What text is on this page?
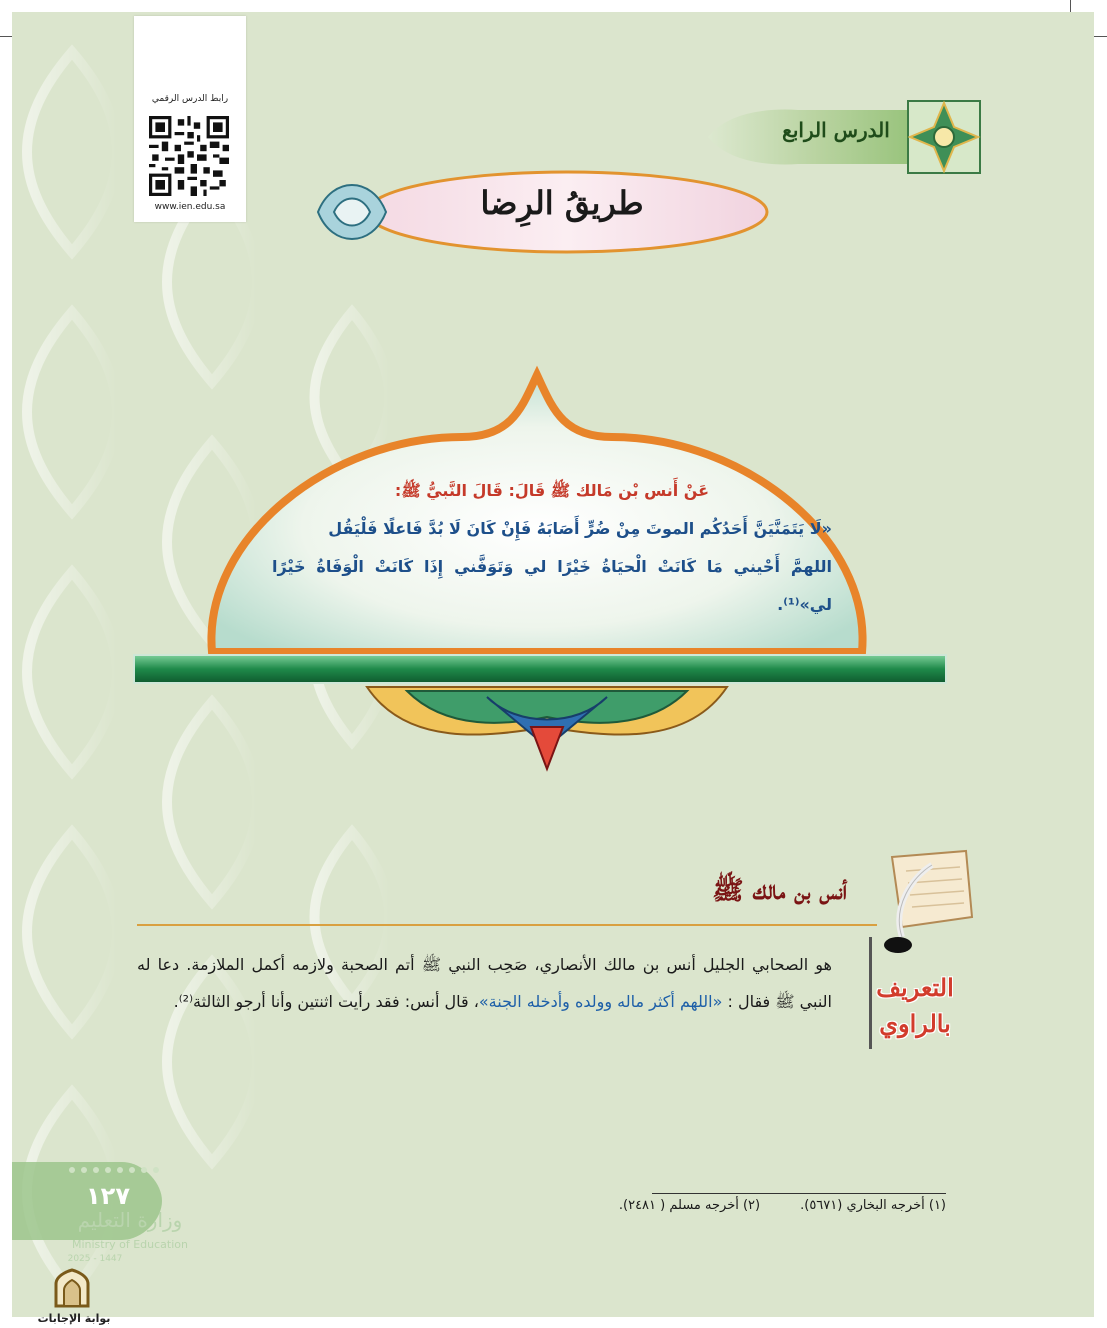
رابط الدرس الرقمي
www.ien.edu.sa
الدرس الرابع
طريقُ الرِضا
عَنْ أَنس بْن مَالك ﷺ قَالَ: قَالَ النَّبيُّ ﷺ:
«لَا يَتَمَنَّيَنَّ أَحَدُكُم الموتَ مِنْ ضُرٍّ أَصَابَهُ فَإِنْ كَانَ لَا بُدَّ فَاعلًا فَلْيَقُل
اللهمَّ أَحْيني مَا كَانَتْ الْحيَاةُ خَيْرًا لي وَتَوَفَّني إِذَا كَانَتْ الْوَفَاةُ خَيْرًا لي»⁽¹⁾.
أنس بن مالك ﷺ
التعريف
بالراوي
هو الصحابي الجليل أنس بن مالك الأنصاري، صَحِب النبي ﷺ أتم الصحبة ولازمه أكمل الملازمة. دعا له النبي ﷺ فقال : «اللهم أكثر ماله وولده وأدخله الجنة»، قال أنس: فقد رأيت اثنتين وأنا أرجو الثالثة⁽²⁾.
(١) أخرجه البخاري (٥٦٧١).(٢) أخرجه مسلم ( ٢٤٨١).
١٢٧
وزارة التعليم
Ministry of Education
2025 - 1447
بوابة الإجابات
